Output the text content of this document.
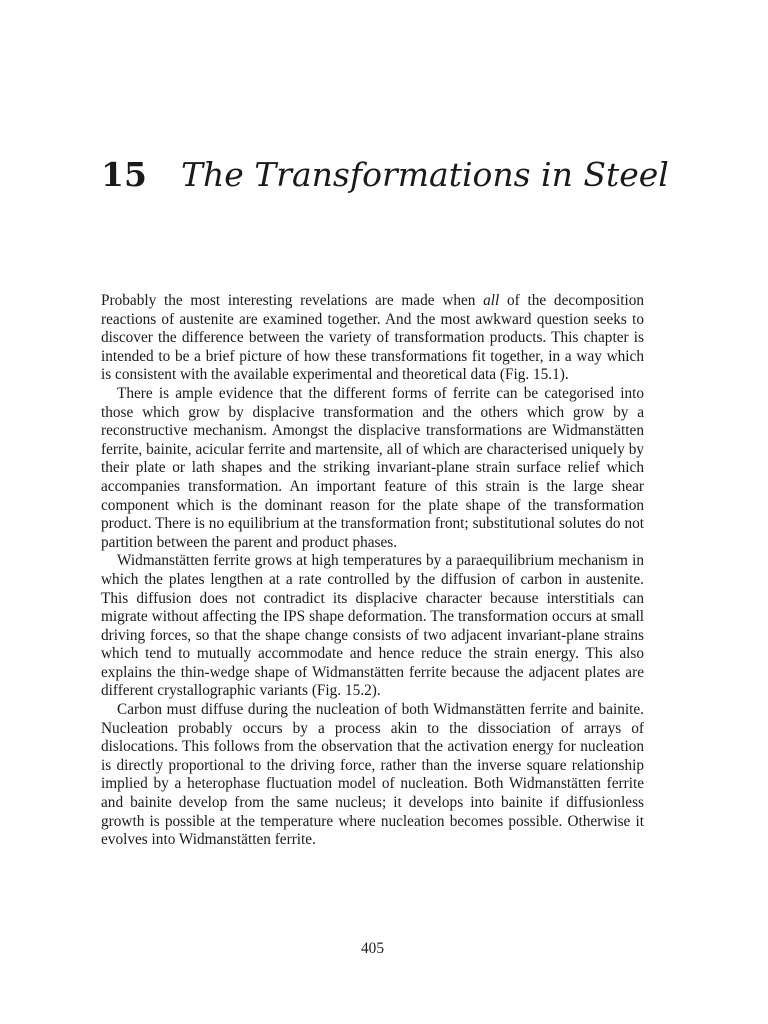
15 The Transformations in Steel

Probably the most interesting revelations are made when all of the decomposition reactions of austenite are examined together. And the most awkward question seeks to discover the difference between the variety of transformation products. This chapter is intended to be a brief picture of how these transformations fit together, in a way which is consistent with the available experimental and theoretical data (Fig. 15.1).

There is ample evidence that the different forms of ferrite can be categorised into those which grow by displacive transformation and the others which grow by a reconstructive mechanism. Amongst the displacive transformations are Widmanstätten ferrite, bainite, acicular ferrite and martensite, all of which are characterised uniquely by their plate or lath shapes and the striking invariant-plane strain surface relief which accompanies transformation. An important feature of this strain is the large shear component which is the dominant reason for the plate shape of the transformation product. There is no equilibrium at the transformation front; substitutional solutes do not partition between the parent and product phases.

Widmanstätten ferrite grows at high temperatures by a paraequilibrium mechanism in which the plates lengthen at a rate controlled by the diffusion of carbon in austenite. This diffusion does not contradict its displacive character because interstitials can migrate without affecting the IPS shape deformation. The transformation occurs at small driving forces, so that the shape change consists of two adjacent invariant-plane strains which tend to mutually accommodate and hence reduce the strain energy. This also explains the thin-wedge shape of Widmanstätten ferrite because the adjacent plates are different crystallographic variants (Fig. 15.2).

Carbon must diffuse during the nucleation of both Widmanstätten ferrite and bainite. Nucleation probably occurs by a process akin to the dissociation of arrays of dislocations. This follows from the observation that the activation energy for nucleation is directly proportional to the driving force, rather than the inverse square relationship implied by a heterophase fluctuation model of nucleation. Both Widmanstätten ferrite and bainite develop from the same nucleus; it develops into bainite if diffusionless growth is possible at the temperature where nucleation becomes possible. Otherwise it evolves into Widmanstätten ferrite.

405
